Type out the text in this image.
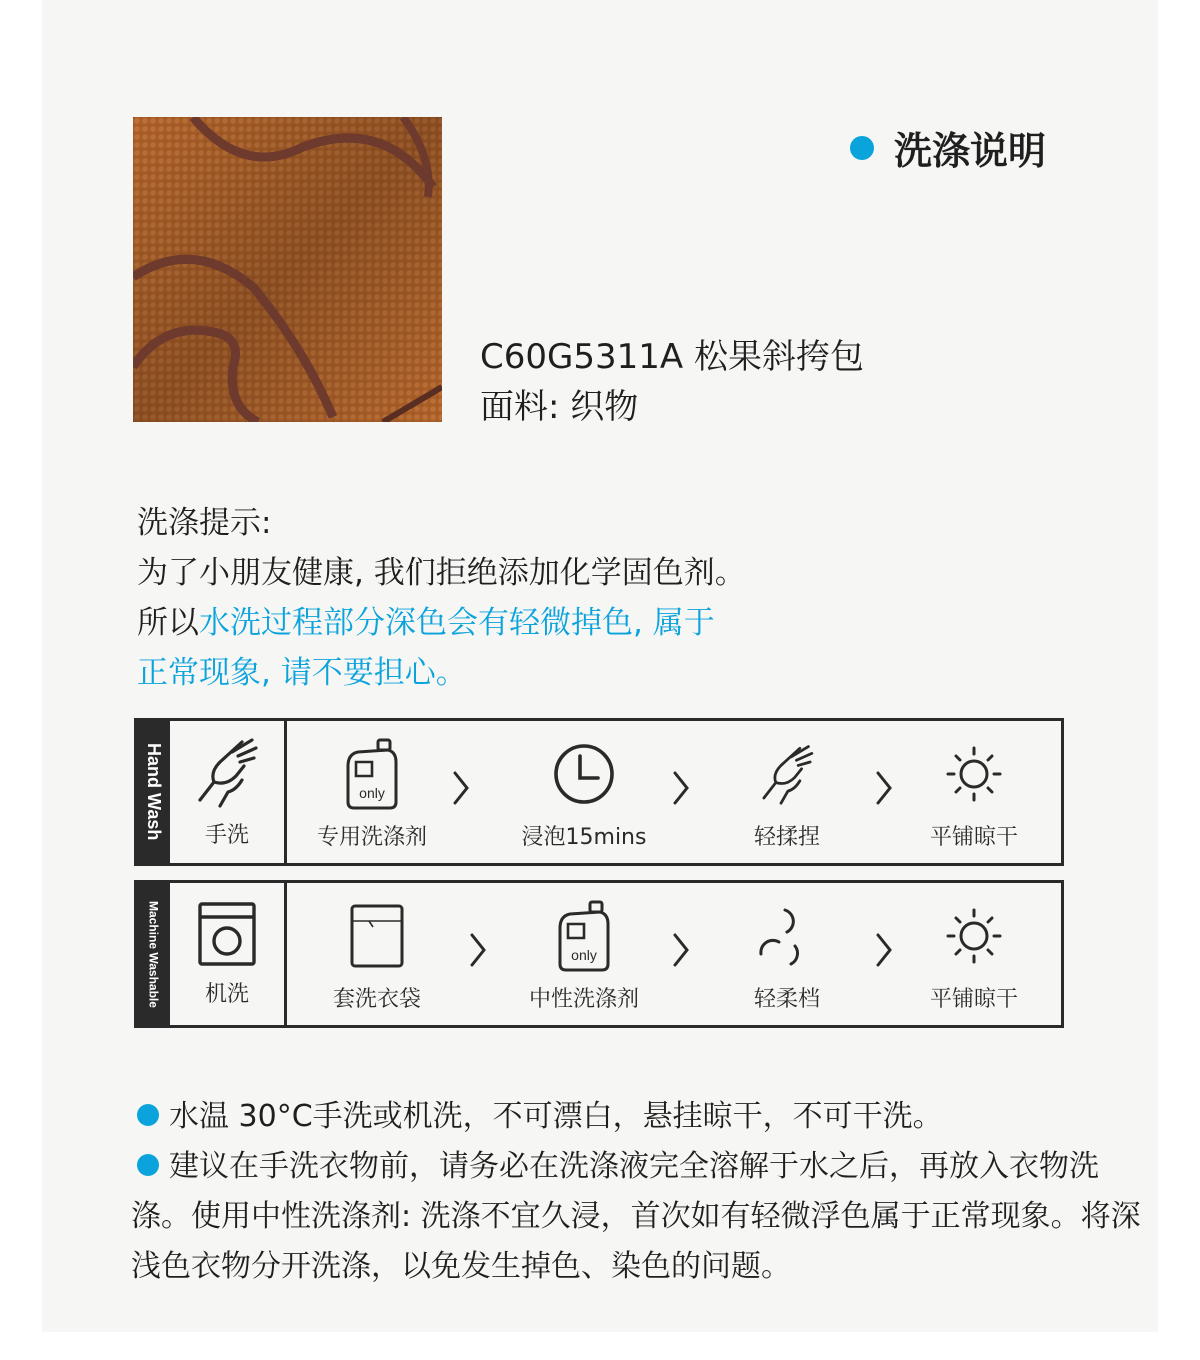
洗涤说明
C60G5311A 松果斜挎包
面料: 织物
洗涤提示:
为了小朋友健康, 我们拒绝添加化学固色剂。
所以水洗过程部分深色会有轻微掉色, 属于
正常现象, 请不要担心。
Hand Wash 手洗
only
专用洗涤剂	浸泡15mins	轻揉捏	平铺晾干
Machine Washable	机洗	套洗衣袋
only
中性洗涤剂	轻柔档	平铺晾干

水温 30°C手洗或机洗，不可漂白，悬挂晾干，不可干洗。

建议在手洗衣物前，请务必在洗涤液完全溶解于水之后，再放入衣物洗涤。使用中性洗涤剂: 洗涤不宜久浸，首次如有轻微浮色属于正常现象。将深浅色衣物分开洗涤，以免发生掉色、染色的问题。
